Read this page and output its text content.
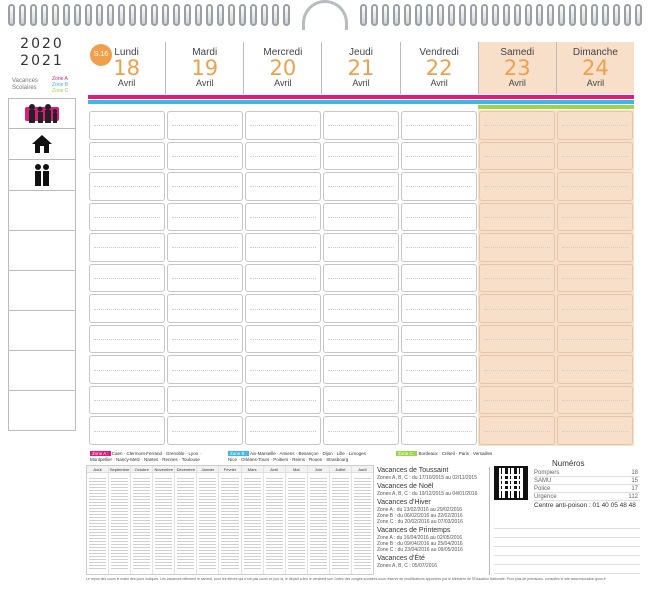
2020
2021
Vacances
Scolaires
Zone A
Zone B
Zone C
Lundi
18
Avril
Mardi
19
Avril
Mercredi
20
Avril
Jeudi
21
Avril
Vendredi
22
Avril
Samedi
23
Avril
Dimanche
24
Avril
S.16
Zone A : Caen · Clermont-Ferrand · Grenoble · Lyon · Montpellier · Nancy-Metz · Nantes · Rennes · Toulouse
Zone B : Aix-Marseille · Amiens · Besançon · Dijon · Lille · Limoges · Nice · Orléans-Tours · Poitiers · Reims · Rouen · Strasbourg
Zone C : Bordeaux · Créteil · Paris · Versailles
Août	Septembre	Octobre	Novembre Décembre	Janvier	Février	Mars	Avril	Mai	Juin	Juillet	Août	Vacances de Toussaint
Zones A, B, C : du 17/10/2015 au 02/11/2015
Vacances de Noël
Zones A, B, C : du 19/12/2015 au 04/01/2016
Vacances d'Hiver
Zone A : du 13/02/2016 au 29/02/2016
Zone B : du 06/02/2016 au 22/02/2016
Zone C : du 20/02/2016 au 07/03/2016
Vacances de Printemps
Zone A : du 16/04/2016 au 02/05/2016
Zone B : du 09/04/2016 au 25/04/2016
Zone C : du 23/04/2016 au 09/05/2016
Vacances d'Été
Zones A, B, C : 05/07/2016
Numéros
Pompiers	18
SAMU	15
Police	17
Urgence	112
Centre anti-poison : 01 40 05 48 48
Le repos des cours le matin des jours indiqués. Les vacances débutent le samedi, pour les élèves qui n'ont pas cours ce jour-là, le départ a lieu le vendredi soir. Dates des congés scolaires sous réserve de modifications apportées par le Ministère de l'Éducation Nationale. Pour plus de précisions, consultez le site www.education.gouv.fr
